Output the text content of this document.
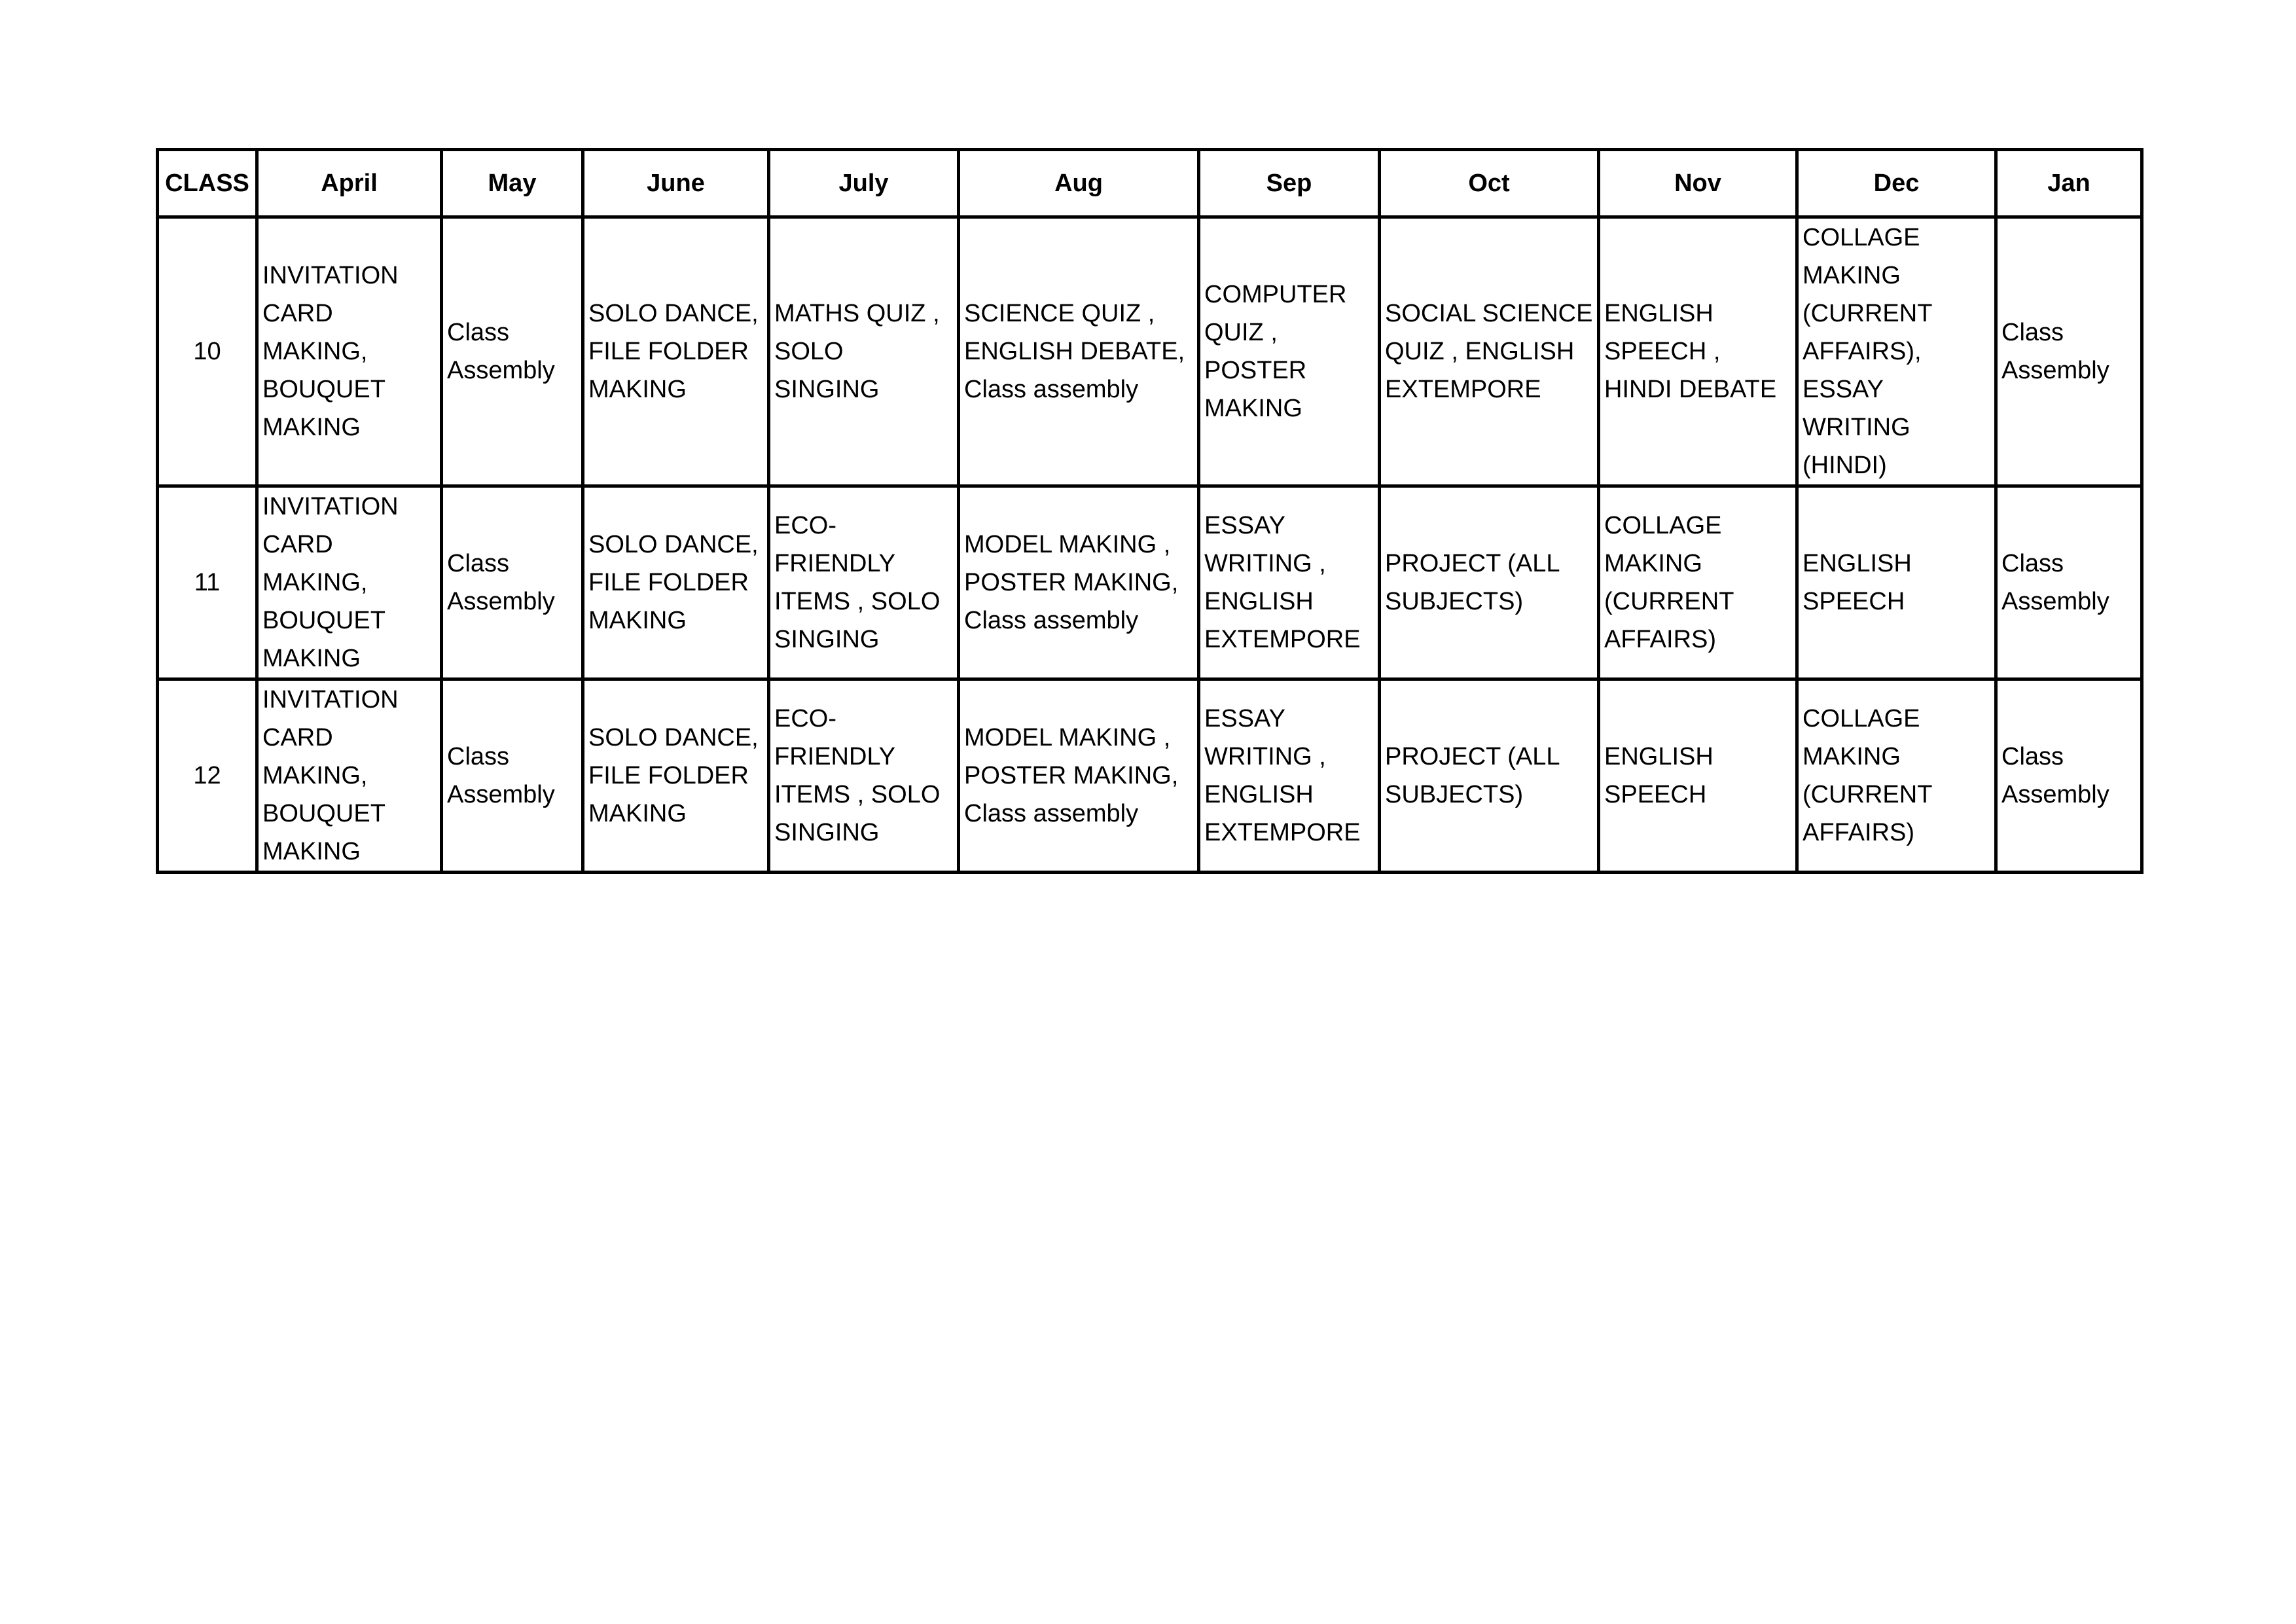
CLASS	April	May	June	July	Aug	Sep	Oct	Nov	Dec	Jan
10	INVITATION CARD MAKING, BOUQUET MAKING	Class Assembly	SOLO DANCE, FILE FOLDER MAKING	MATHS QUIZ , SOLO SINGING	SCIENCE QUIZ , ENGLISH DEBATE, Class assembly	COMPUTER QUIZ , POSTER MAKING	SOCIAL SCIENCE QUIZ , ENGLISH EXTEMPORE	ENGLISH SPEECH , HINDI DEBATE	COLLAGE MAKING (CURRENT AFFAIRS), ESSAY WRITING (HINDI)	Class Assembly
11	INVITATION CARD MAKING, BOUQUET MAKING	Class Assembly	SOLO DANCE, FILE FOLDER MAKING	ECO-FRIENDLY ITEMS , SOLO SINGING	MODEL MAKING , POSTER MAKING, Class assembly	ESSAY WRITING , ENGLISH EXTEMPORE	PROJECT (ALL SUBJECTS)	COLLAGE MAKING (CURRENT AFFAIRS)	ENGLISH SPEECH	Class Assembly
12	INVITATION CARD MAKING, BOUQUET MAKING	Class Assembly	SOLO DANCE, FILE FOLDER MAKING	ECO-FRIENDLY ITEMS , SOLO SINGING	MODEL MAKING , POSTER MAKING, Class assembly	ESSAY WRITING , ENGLISH EXTEMPORE	PROJECT (ALL SUBJECTS)	ENGLISH SPEECH	COLLAGE MAKING (CURRENT AFFAIRS)	Class Assembly
